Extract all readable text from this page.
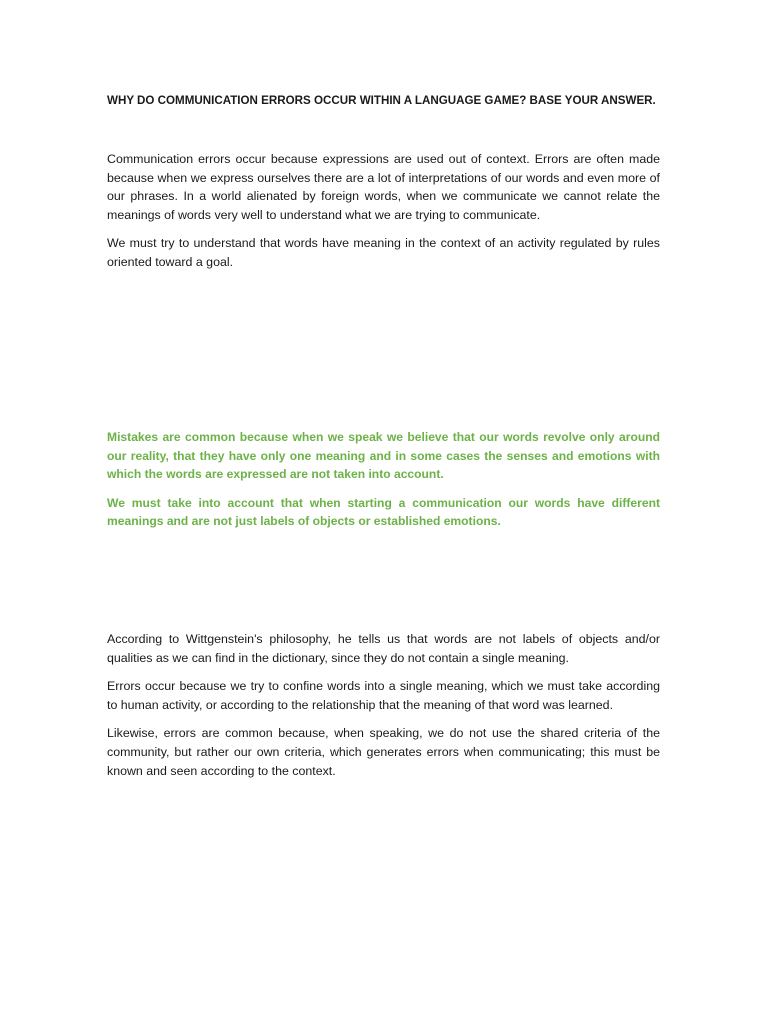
WHY DO COMMUNICATION ERRORS OCCUR WITHIN A LANGUAGE GAME? BASE YOUR ANSWER.

Communication errors occur because expressions are used out of context. Errors are often made because when we express ourselves there are a lot of interpretations of our words and even more of our phrases. In a world alienated by foreign words, when we communicate we cannot relate the meanings of words very well to understand what we are trying to communicate.

We must try to understand that words have meaning in the context of an activity regulated by rules oriented toward a goal.

Mistakes are common because when we speak we believe that our words revolve only around our reality, that they have only one meaning and in some cases the senses and emotions with which the words are expressed are not taken into account.

We must take into account that when starting a communication our words have different meanings and are not just labels of objects or established emotions.

According to Wittgenstein's philosophy, he tells us that words are not labels of objects and/or qualities as we can find in the dictionary, since they do not contain a single meaning.

Errors occur because we try to confine words into a single meaning, which we must take according to human activity, or according to the relationship that the meaning of that word was learned.

Likewise, errors are common because, when speaking, we do not use the shared criteria of the community, but rather our own criteria, which generates errors when communicating; this must be known and seen according to the context.
